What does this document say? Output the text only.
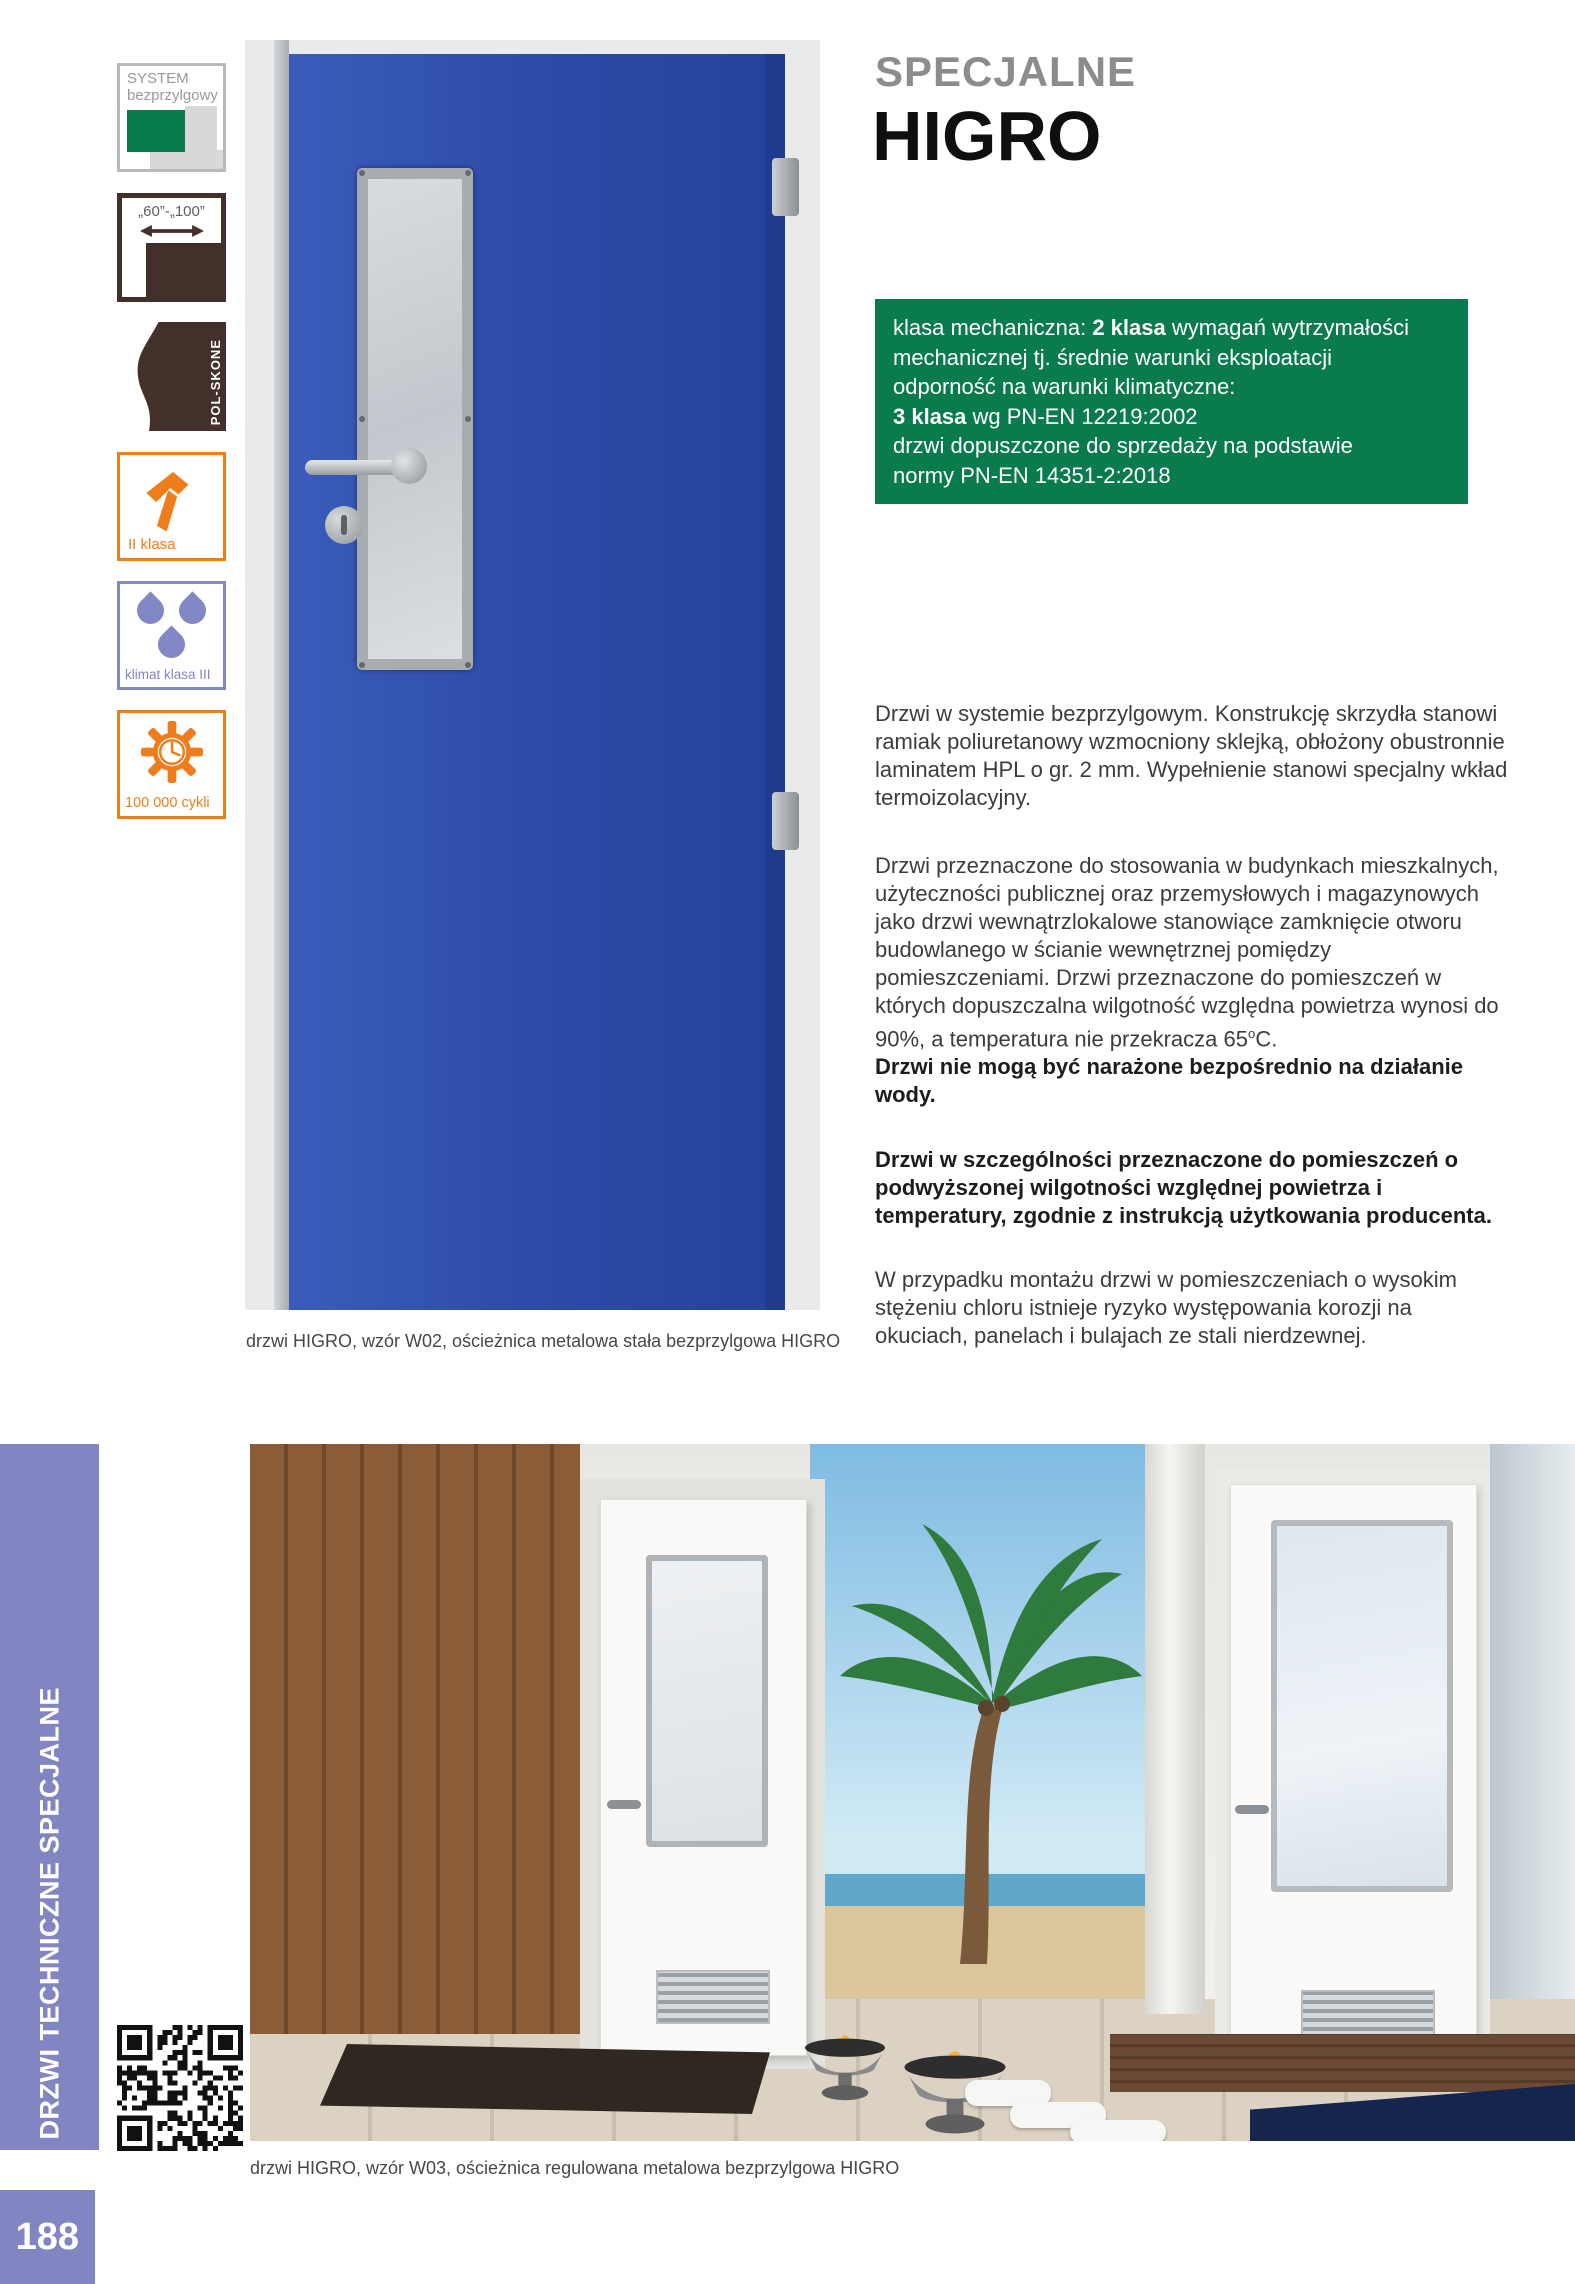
SYSTEM
bezprzylgowy
„60”-„100”
POL-SKONE
II klasa
klimat klasa III
100 000 cykli
drzwi HIGRO, wzór W02, ościeżnica metalowa stała bezprzylgowa HIGRO
SPECJALNE
HIGRO
klasa mechaniczna: 2 klasa wymagań wytrzymałości
mechanicznej tj. średnie warunki eksploatacji
odporność na warunki klimatyczne:
3 klasa wg PN-EN 12219:2002
drzwi dopuszczone do sprzedaży na podstawie
normy PN-EN 14351-2:2018

Drzwi w systemie bezprzylgowym. Konstrukcję skrzydła stanowi ramiak poliuretanowy wzmocniony sklejką, obłożony obustronnie laminatem HPL o gr. 2 mm. Wypełnienie stanowi specjalny wkład termoizolacyjny.

Drzwi przeznaczone do stosowania w budynkach mieszkalnych, użyteczności publicznej oraz przemysłowych i magazynowych jako drzwi wewnątrzlokalowe stanowiące zamknięcie otworu budowlanego w ścianie wewnętrznej pomiędzy pomieszczeniami. Drzwi przeznaczone do pomieszczeń w których dopuszczalna wilgotność względna powietrza wynosi do 90%, a temperatura nie przekracza 65$^o$C.
Drzwi nie mogą być narażone bezpośrednio na działanie wody.

Drzwi w szczególności przeznaczone do pomieszczeń o podwyższonej wilgotności względnej powietrza i temperatury, zgodnie z instrukcją użytkowania producenta.

W przypadku montażu drzwi w pomieszczeniach o wysokim stężeniu chloru istnieje ryzyko występowania korozji na okuciach, panelach i bulajach ze stali nierdzewnej.

drzwi HIGRO, wzór W03, ościeżnica regulowana metalowa bezprzylgowa HIGRO
DRZWI TECHNICZNE SPECJALNE
188
